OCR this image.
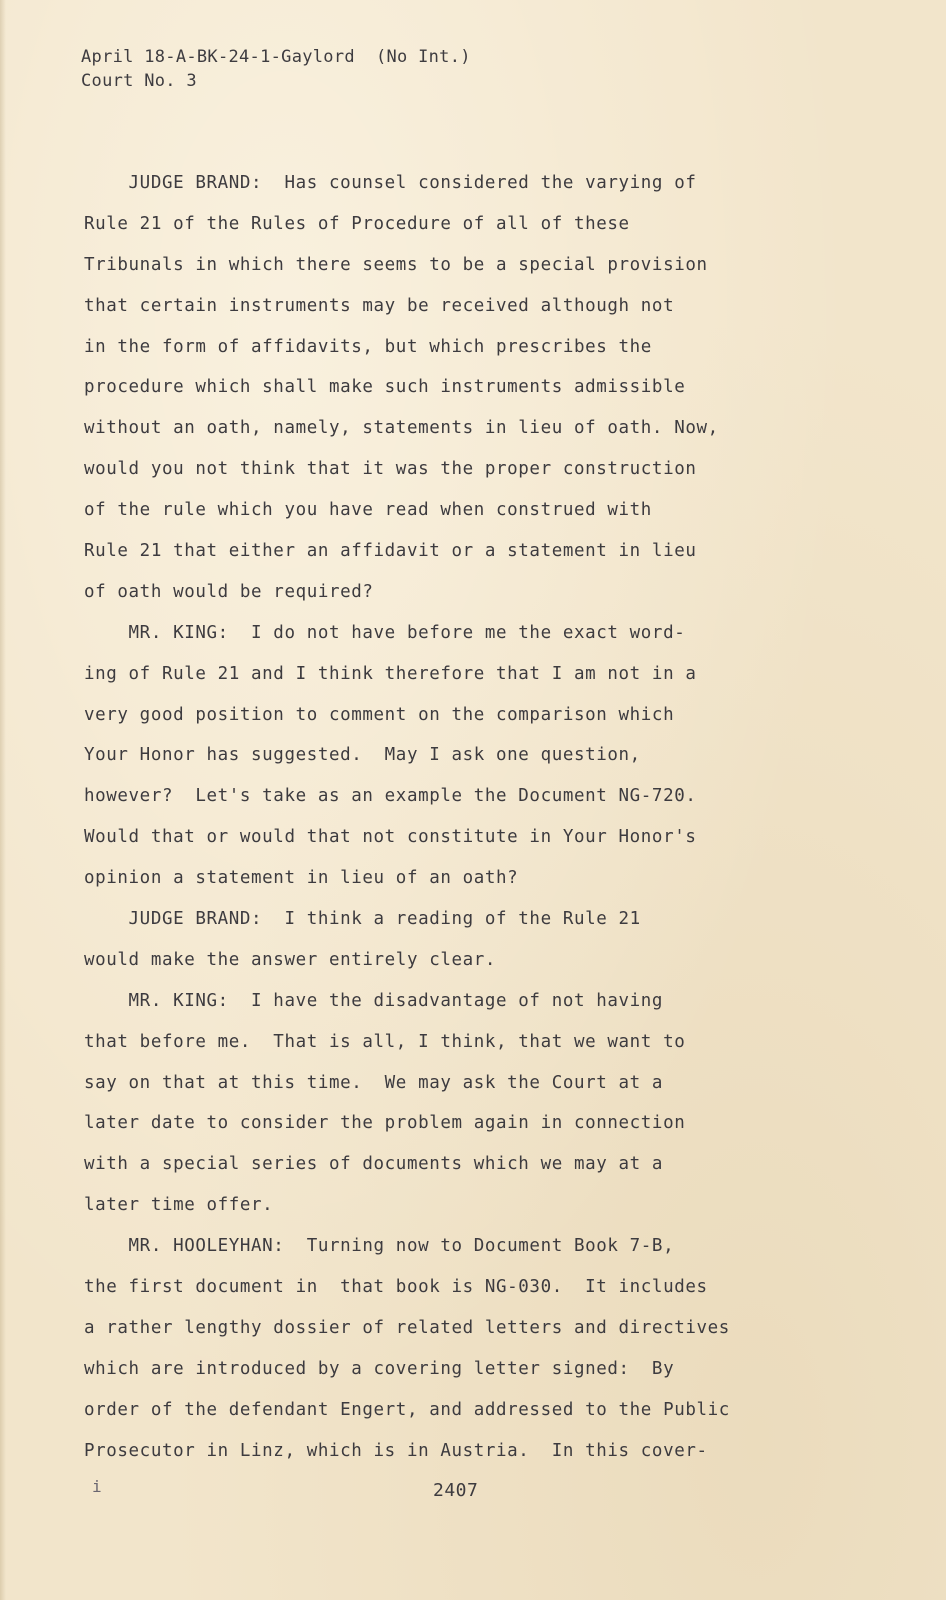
April 18-A-BK-24-1-Gaylord  (No Int.)
Court No. 3
JUDGE BRAND:  Has counsel considered the varying of
Rule 21 of the Rules of Procedure of all of these
Tribunals in which there seems to be a special provision
that certain instruments may be received although not
in the form of affidavits, but which prescribes the
procedure which shall make such instruments admissible
without an oath, namely, statements in lieu of oath. Now,
would you not think that it was the proper construction
of the rule which you have read when construed with
Rule 21 that either an affidavit or a statement in lieu
of oath would be required?
MR. KING:  I do not have before me the exact word-
ing of Rule 21 and I think therefore that I am not in a
very good position to comment on the comparison which
Your Honor has suggested.  May I ask one question,
however?  Let's take as an example the Document NG-720.
Would that or would that not constitute in Your Honor's
opinion a statement in lieu of an oath?
JUDGE BRAND:  I think a reading of the Rule 21
would make the answer entirely clear.
MR. KING:  I have the disadvantage of not having
that before me.  That is all, I think, that we want to
say on that at this time.  We may ask the Court at a
later date to consider the problem again in connection
with a special series of documents which we may at a
later time offer.
MR. HOOLEYHAN:  Turning now to Document Book 7-B,
the first document in  that book is NG-030.  It includes
a rather lengthy dossier of related letters and directives
which are introduced by a covering letter signed:  By
order of the defendant Engert, and addressed to the Public
Prosecutor in Linz, which is in Austria.  In this cover-
i	2407
